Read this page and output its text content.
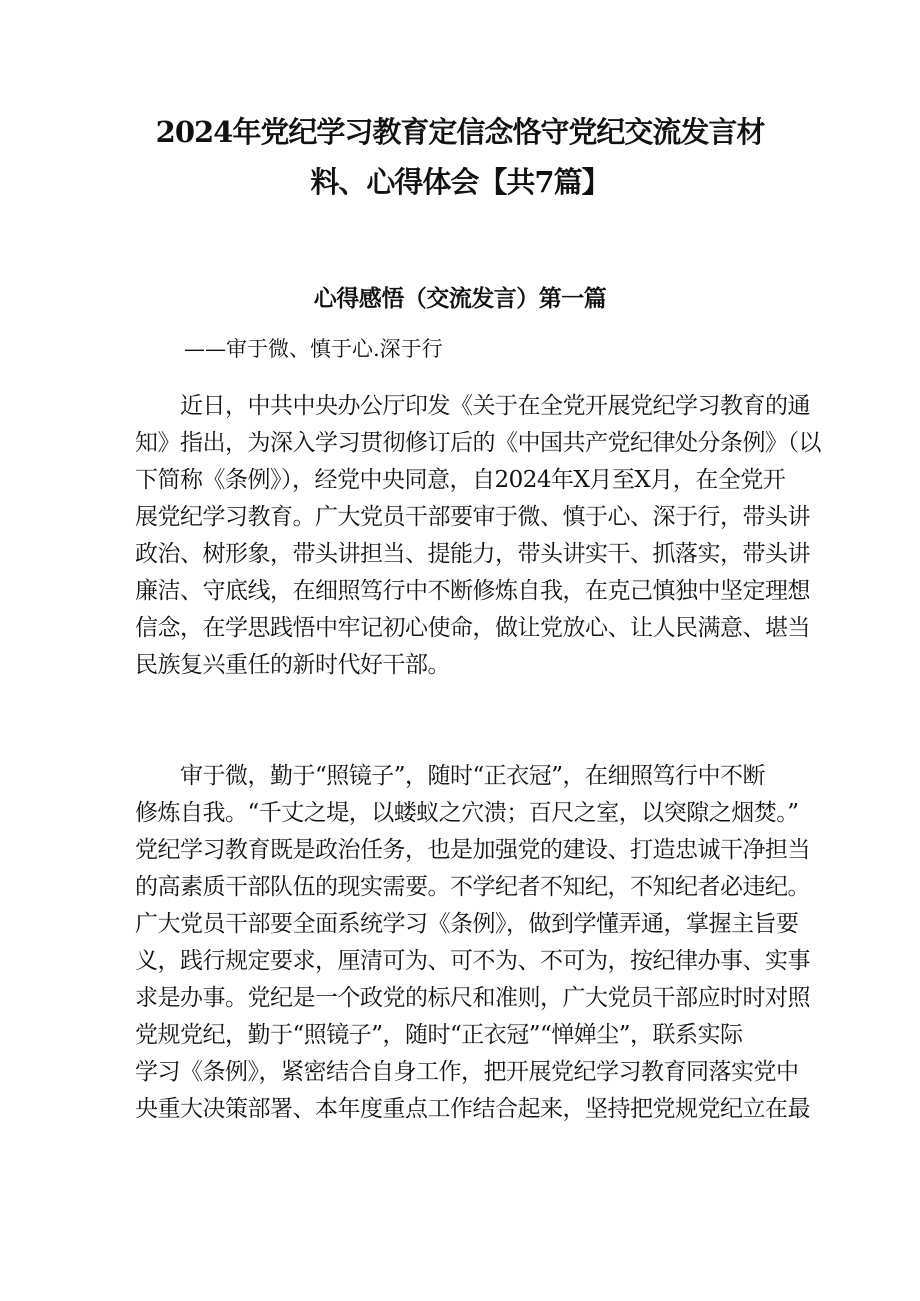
2024年党纪学习教育定信念恪守党纪交流发言材
料、心得体会【共7篇】
心得感悟（交流发言）第一篇

——审于微、慎于心.深于行

　　近日，中共中央办公厅印发《关于在全党开展党纪学习教育的通
知》指出，为深入学习贯彻修订后的《中国共产党纪律处分条例》（以
下简称《条例》），经党中央同意，自2024年X月至X月，在全党开
展党纪学习教育。广大党员干部要审于微、慎于心、深于行，带头讲
政治、树形象，带头讲担当、提能力，带头讲实干、抓落实，带头讲
廉洁、守底线，在细照笃行中不断修炼自我，在克己慎独中坚定理想
信念，在学思践悟中牢记初心使命，做让党放心、让人民满意、堪当
民族复兴重任的新时代好干部。
　　审于微，勤于“照镜子”，随时“正衣冠”，在细照笃行中不断
修炼自我。“千丈之堤，以蝼蚁之穴溃；百尺之室，以突隙之烟焚。”
党纪学习教育既是政治任务，也是加强党的建设、打造忠诚干净担当
的高素质干部队伍的现实需要。不学纪者不知纪，不知纪者必违纪。
广大党员干部要全面系统学习《条例》，做到学懂弄通，掌握主旨要
义，践行规定要求，厘清可为、可不为、不可为，按纪律办事、实事
求是办事。党纪是一个政党的标尺和准则，广大党员干部应时时对照
党规党纪，勤于“照镜子”，随时“正衣冠”“惮婵尘”，联系实际
学习《条例》，紧密结合自身工作，把开展党纪学习教育同落实党中
央重大决策部署、本年度重点工作结合起来，坚持把党规党纪立在最
